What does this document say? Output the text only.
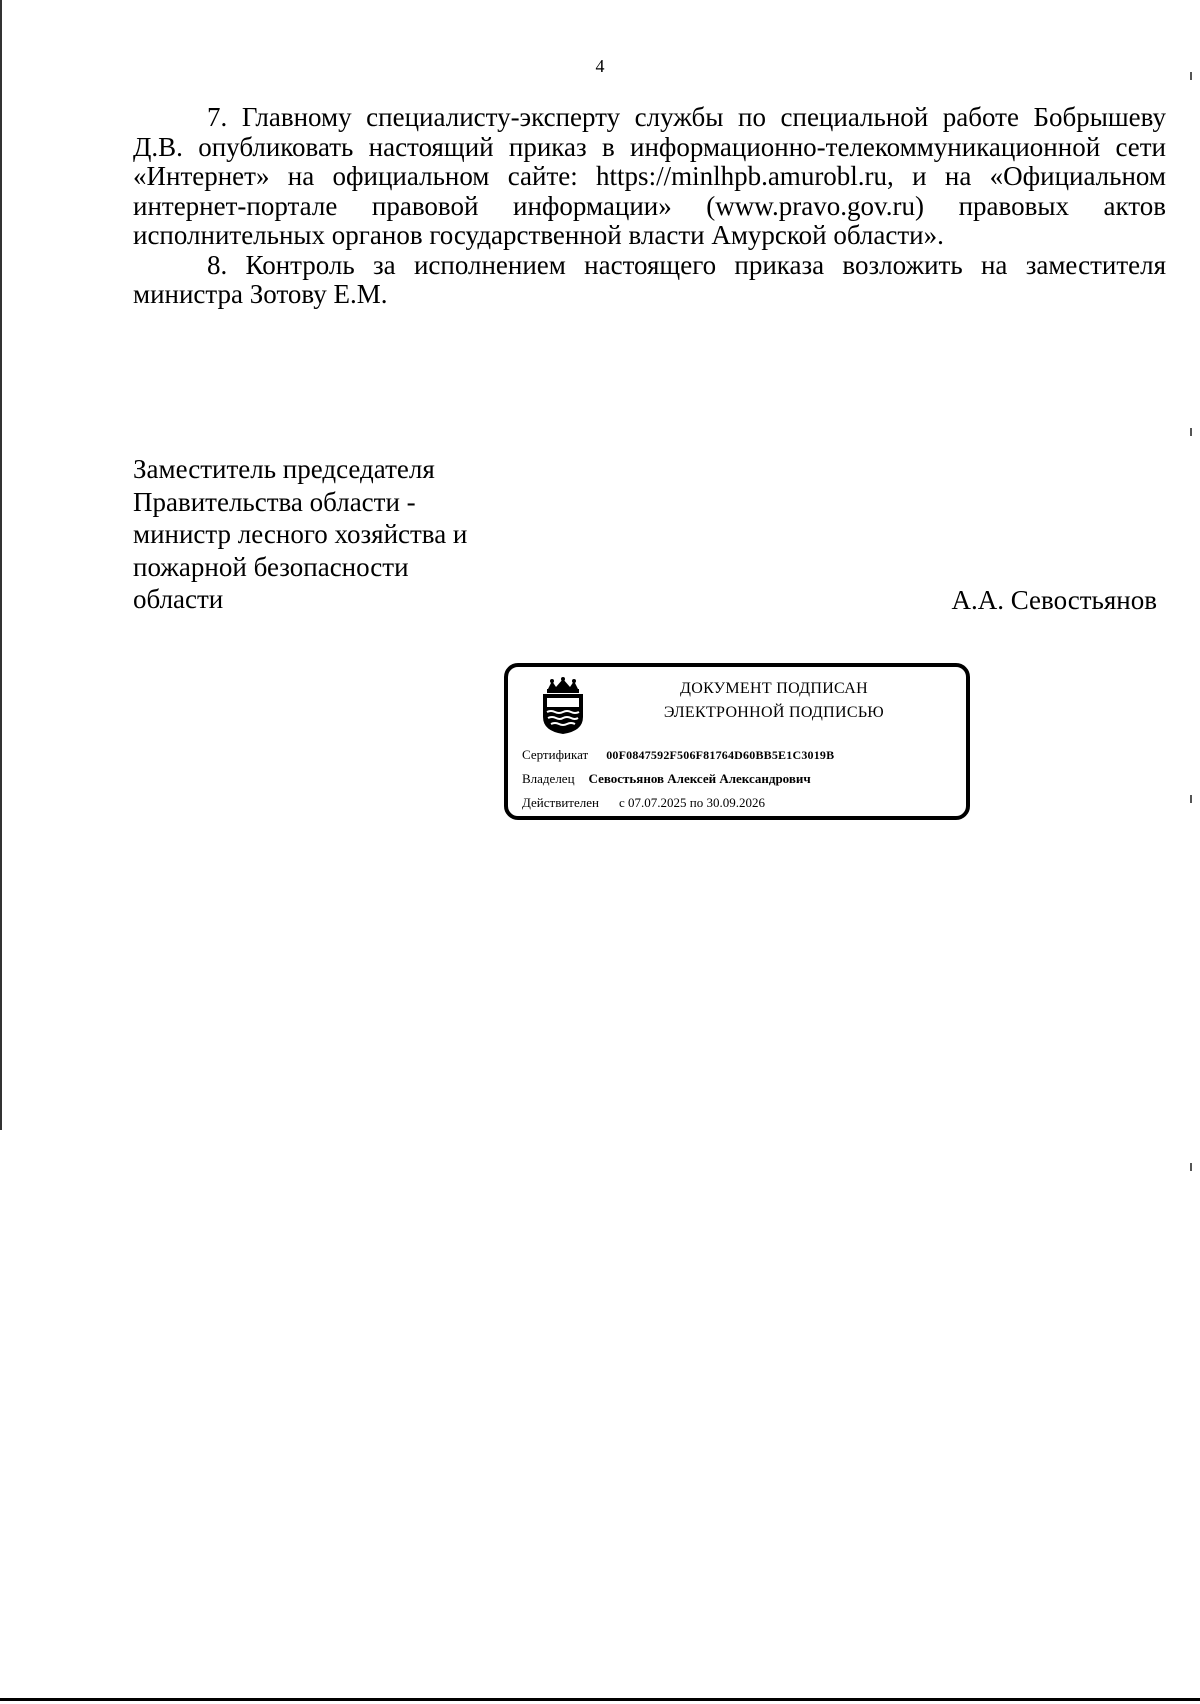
4

7. Главному специалисту-эксперту службы по специальной работе Бобрышеву Д.В. опубликовать настоящий приказ в информационно-телекоммуникационной сети «Интернет» на официальном сайте: https://minlhpb.amurobl.ru, и на «Официальном интернет-портале правовой информации» (www.pravo.gov.ru) правовых актов исполнительных органов государственной власти Амурской области».

8. Контроль за исполнением настоящего приказа возложить на заместителя министра Зотову Е.М.

Заместитель председателя
Правительства области -
министр лесного хозяйства и
пожарной безопасности
области	А.А. Севостьянов
ДОКУМЕНТ ПОДПИСАН
ЭЛЕКТРОННОЙ ПОДПИСЬЮ
Сертификат 00F0847592F506F81764D60BB5E1C3019B
Владелец Севостьянов Алексей Александрович
Действителен с 07.07.2025 по 30.09.2026
